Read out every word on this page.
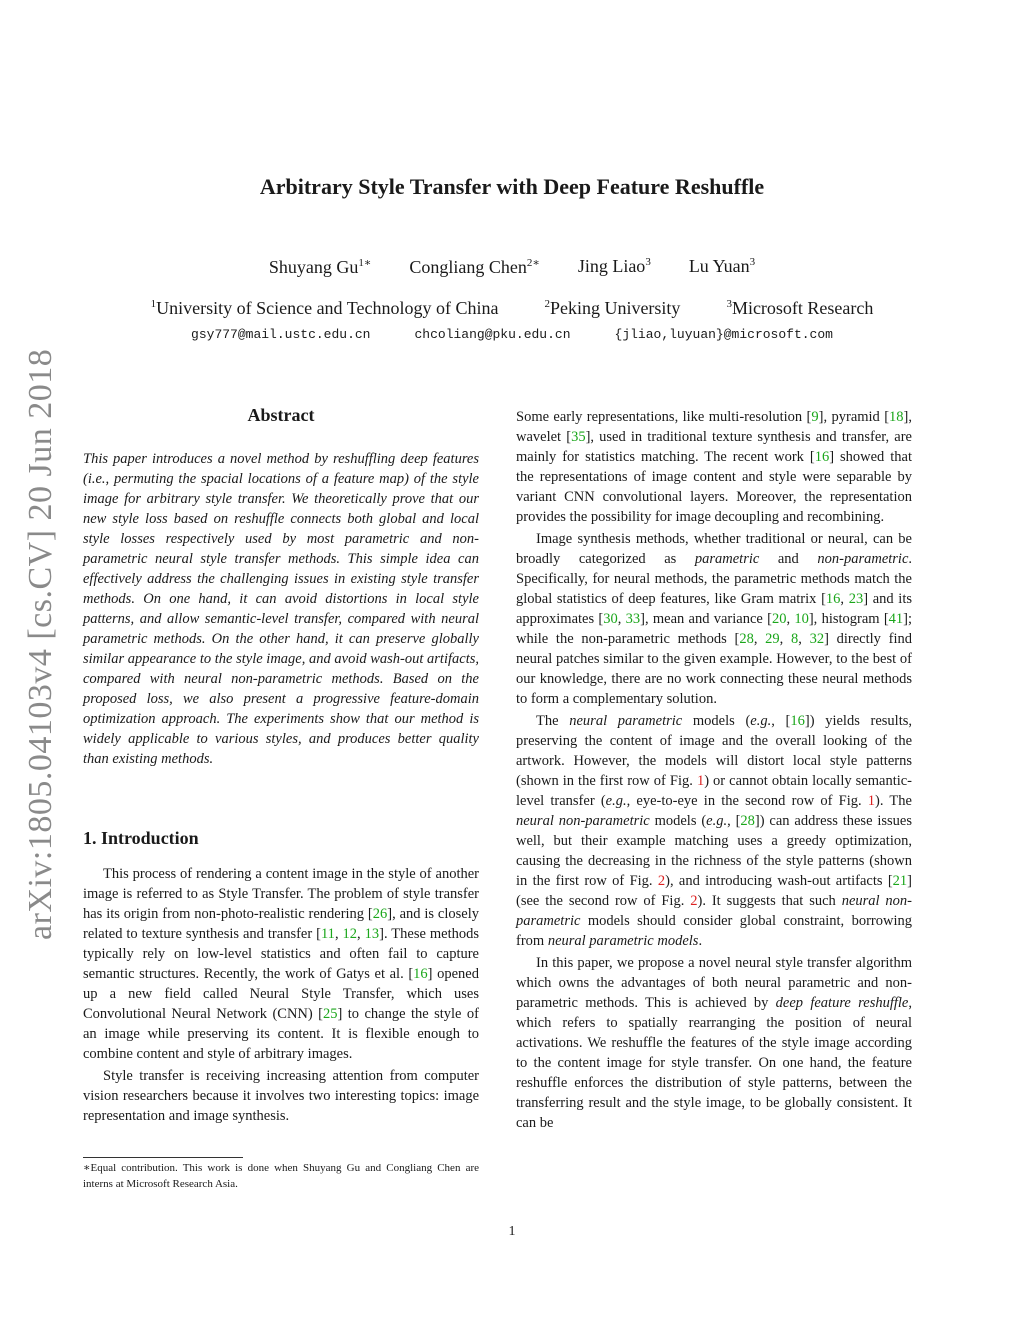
arXiv:1805.04103v4 [cs.CV] 20 Jun 2018
Arbitrary Style Transfer with Deep Feature Reshuffle
Shuyang $Gu^{1∗}$ Congliang Chen$^{2∗}$ Jing Liao$^3$ Lu Yuan$^3$
$^1$University of Science and Technology of China	$^2$Peking University	$^3$Microsoft Research
gsy777@mail.ustc.edu.cn	chcoliang@pku.edu.cn	{jliao,luyuan}@microsoft.com
Abstract

This paper introduces a novel method by reshuffling deep features (i.e., permuting the spacial locations of a feature map) of the style image for arbitrary style transfer. We theoretically prove that our new style loss based on reshuffle connects both global and local style losses respectively used by most parametric and non-parametric neural style transfer methods. This simple idea can effectively address the challenging issues in existing style transfer methods. On one hand, it can avoid distortions in local style patterns, and allow semantic-level transfer, compared with neural parametric methods. On the other hand, it can preserve globally similar appearance to the style image, and avoid wash-out artifacts, compared with neural non-parametric methods. Based on the proposed loss, we also present a progressive feature-domain optimization approach. The experiments show that our method is widely applicable to various styles, and produces better quality than existing methods.

1. Introduction

This process of rendering a content image in the style of another image is referred to as Style Transfer. The problem of style transfer has its origin from non-photo-realistic rendering [26], and is closely related to texture synthesis and transfer [11, 12, 13]. These methods typically rely on low-level statistics and often fail to capture semantic structures. Recently, the work of Gatys et al. [16] opened up a new field called Neural Style Transfer, which uses Convolutional Neural Network (CNN) [25] to change the style of an image while preserving its content. It is flexible enough to combine content and style of arbitrary images.

Style transfer is receiving increasing attention from computer vision researchers because it involves two interesting topics: image representation and image synthesis.

Some early representations, like multi-resolution [9], pyramid [18], wavelet [35], used in traditional texture synthesis and transfer, are mainly for statistics matching. The recent work [16] showed that the representations of image content and style were separable by variant CNN convolutional layers. Moreover, the representation provides the possibility for image decoupling and recombining.

Image synthesis methods, whether traditional or neural, can be broadly categorized as parametric and non-parametric. Specifically, for neural methods, the parametric methods match the global statistics of deep features, like Gram matrix [16, 23] and its approximates [30, 33], mean and variance [20, 10], histogram [41]; while the non-parametric methods [28, 29, 8, 32] directly find neural patches similar to the given example. However, to the best of our knowledge, there are no work connecting these neural methods to form a complementary solution.

The neural parametric models (e.g., [16]) yields results, preserving the content of image and the overall looking of the artwork. However, the models will distort local style patterns (shown in the first row of Fig. 1) or cannot obtain locally semantic-level transfer (e.g., eye-to-eye in the second row of Fig. 1). The neural non-parametric models (e.g., [28]) can address these issues well, but their example matching uses a greedy optimization, causing the decreasing in the richness of the style patterns (shown in the first row of Fig. 2), and introducing wash-out artifacts [21] (see the second row of Fig. 2). It suggests that such neural non-parametric models should consider global constraint, borrowing from neural parametric models.

In this paper, we propose a novel neural style transfer algorithm which owns the advantages of both neural parametric and non-parametric methods. This is achieved by deep feature reshuffle, which refers to spatially rearranging the position of neural activations. We reshuffle the features of the style image according to the content image for style transfer. On one hand, the feature reshuffle enforces the distribution of style patterns, between the transferring result and the style image, to be globally consistent. It can be

∗Equal contribution. This work is done when Shuyang Gu and Congliang Chen are interns at Microsoft Research Asia.
1
